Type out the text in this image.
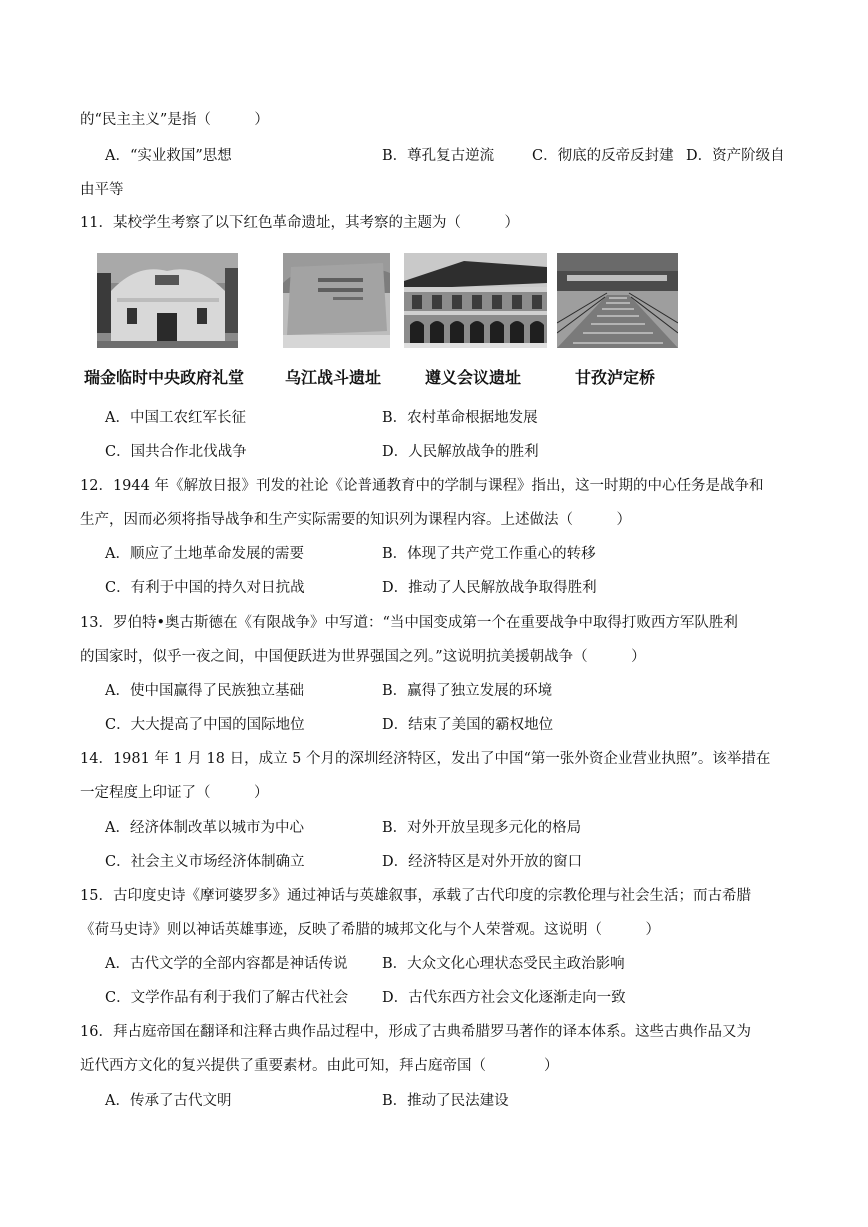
的“民主主义”是指（　　　）
A．“实业救国”思想	B．尊孔复古逆流	C．彻底的反帝反封建 D．资产阶级自
由平等
11．某校学生考察了以下红色革命遗址，其考察的主题为（　　　）
瑞金临时中央政府礼堂	乌江战斗遗址	遵义会议遗址	甘孜泸定桥
A．中国工农红军长征	B．农村革命根据地发展
C．国共合作北伐战争	D．人民解放战争的胜利
12．1944 年《解放日报》刊发的社论《论普通教育中的学制与课程》指出，这一时期的中心任务是战争和
生产，因而必须将指导战争和生产实际需要的知识列为课程内容。上述做法（　　　）
A．顺应了土地革命发展的需要	B．体现了共产党工作重心的转移
C．有利于中国的持久对日抗战	D．推动了人民解放战争取得胜利
13．罗伯特•奥古斯德在《有限战争》中写道：“当中国变成第一个在重要战争中取得打败西方军队胜利
的国家时，似乎一夜之间，中国便跃进为世界强国之列。”这说明抗美援朝战争（　　　）
A．使中国赢得了民族独立基础	B．赢得了独立发展的环境
C．大大提高了中国的国际地位	D．结束了美国的霸权地位
14．1981 年 1 月 18 日，成立 5 个月的深圳经济特区，发出了中国“第一张外资企业营业执照”。该举措在
一定程度上印证了（　　　）
A．经济体制改革以城市为中心	B．对外开放呈现多元化的格局
C．社会主义市场经济体制确立	D．经济特区是对外开放的窗口
15．古印度史诗《摩诃婆罗多》通过神话与英雄叙事，承载了古代印度的宗教伦理与社会生活；而古希腊
《荷马史诗》则以神话英雄事迹，反映了希腊的城邦文化与个人荣誉观。这说明（　　　）
A．古代文学的全部内容都是神话传说 B．大众文化心理状态受民主政治影响
C．文学作品有利于我们了解古代社会 D．古代东西方社会文化逐渐走向一致
16．拜占庭帝国在翻译和注释古典作品过程中，形成了古典希腊罗马著作的译本体系。这些古典作品又为
近代西方文化的复兴提供了重要素材。由此可知，拜占庭帝国（　　　　）
A．传承了古代文明	B．推动了民法建设
